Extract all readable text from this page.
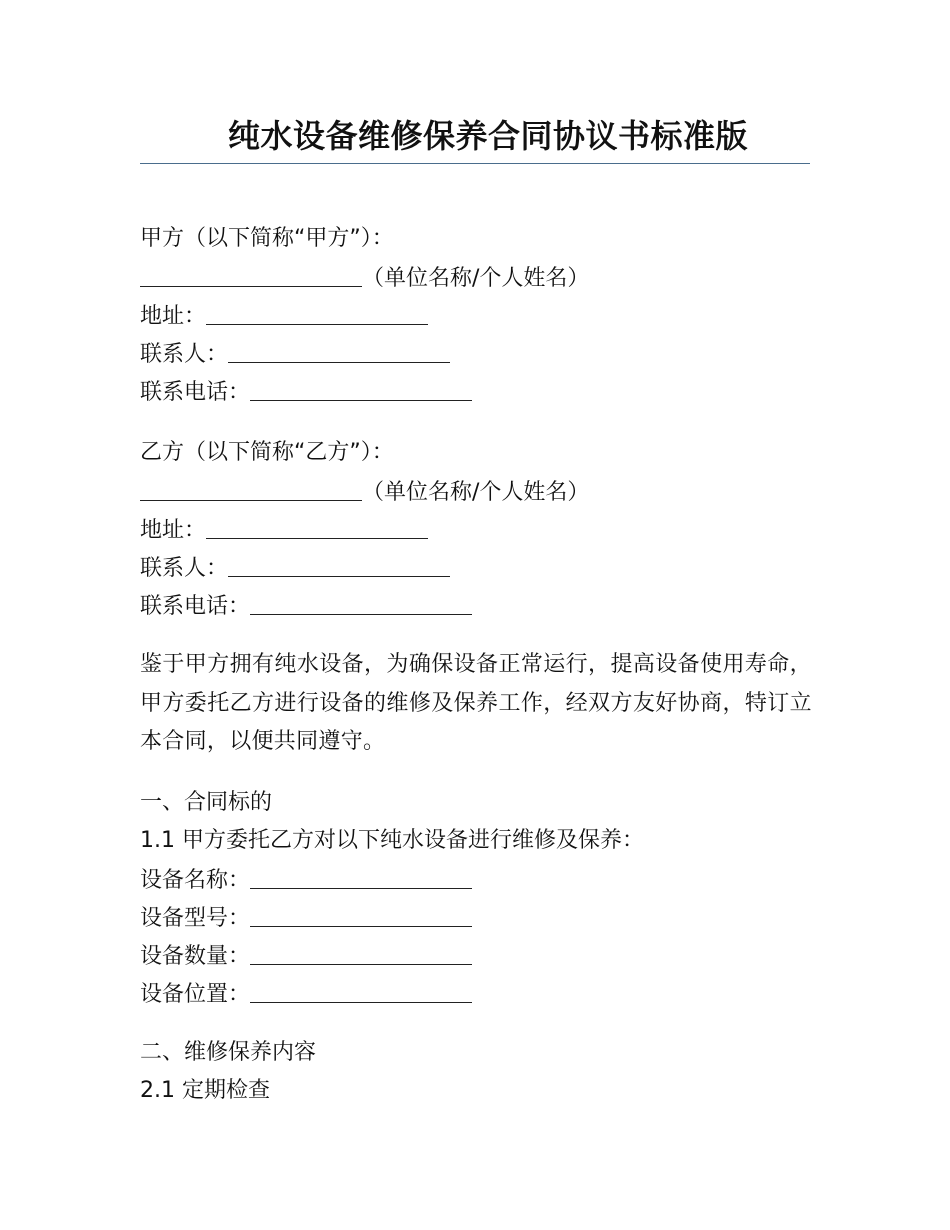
纯水设备维修保养合同协议书标准版
甲方（以下简称“甲方”）：
（单位名称/个人姓名）
地址：
联系人：
联系电话：
乙方（以下简称“乙方”）：
（单位名称/个人姓名）
地址：
联系人：
联系电话：
鉴于甲方拥有纯水设备，为确保设备正常运行，提高设备使用寿命，甲方委托乙方进行设备的维修及保养工作，经双方友好协商，特订立本合同，以便共同遵守。
一、合同标的
1.1 甲方委托乙方对以下纯水设备进行维修及保养：
设备名称：
设备型号：
设备数量：
设备位置：
二、维修保养内容
2.1 定期检查
